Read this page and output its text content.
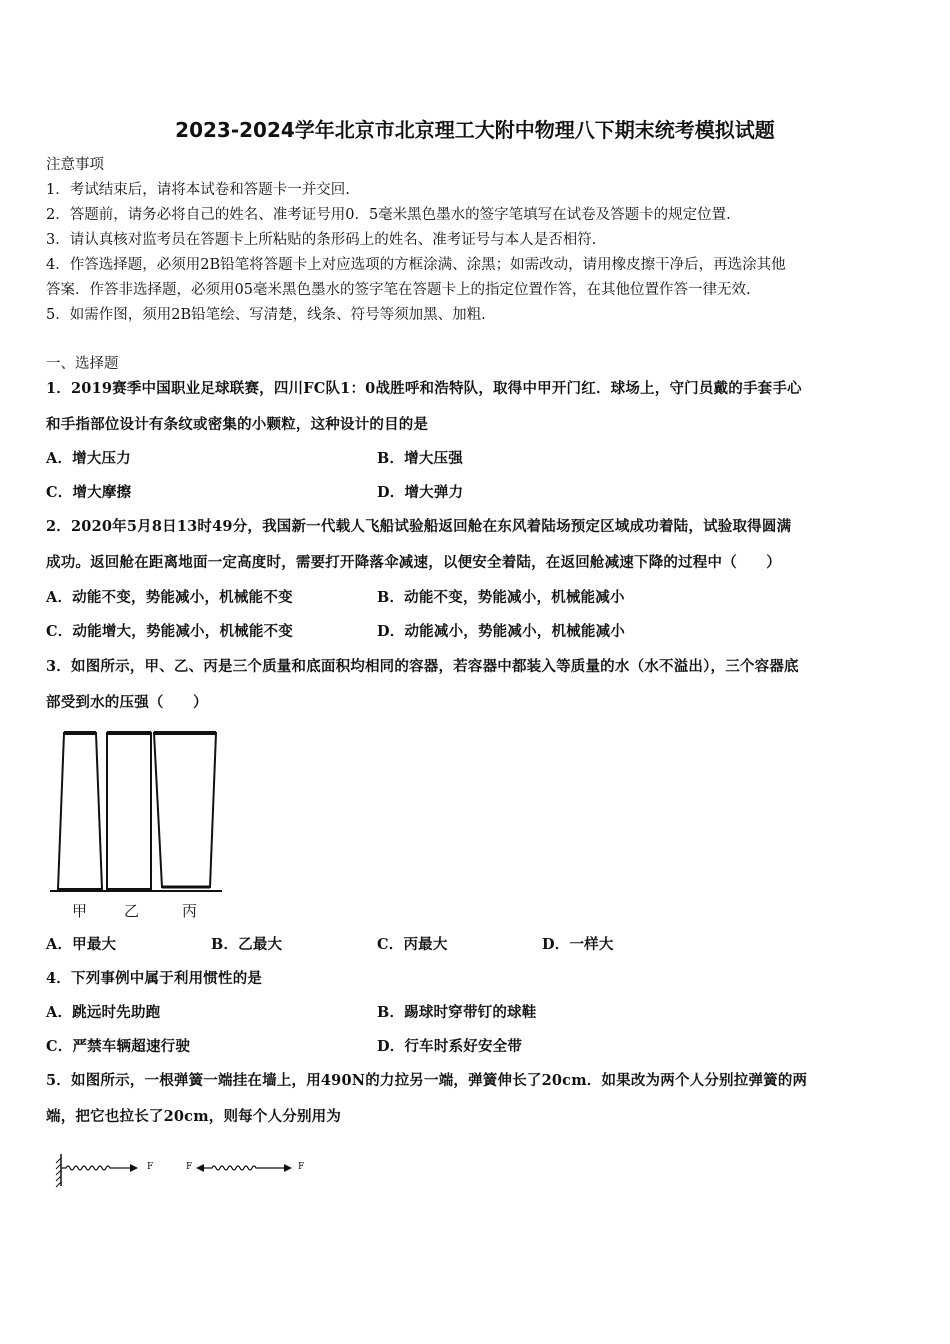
2023-2024学年北京市北京理工大附中物理八下期末统考模拟试题
注意事项
1．考试结束后，请将本试卷和答题卡一并交回.
2．答题前，请务必将自己的姓名、准考证号用0．5毫米黑色墨水的签字笔填写在试卷及答题卡的规定位置.
3．请认真核对监考员在答题卡上所粘贴的条形码上的姓名、准考证号与本人是否相符.
4．作答选择题，必须用2B铅笔将答题卡上对应选项的方框涂满、涂黑；如需改动，请用橡皮擦干净后，再选涂其他
答案．作答非选择题，必须用05毫米黑色墨水的签字笔在答题卡上的指定位置作答，在其他位置作答一律无效.
5．如需作图，须用2B铅笔绘、写清楚，线条、符号等须加黑、加粗.
一、选择题
1．2019赛季中国职业足球联赛，四川FC队1：0战胜呼和浩特队，取得中甲开门红．球场上，守门员戴的手套手心
和手指部位设计有条纹或密集的小颗粒，这种设计的目的是
A．增大压力	B．增大压强
C．增大摩擦	D．增大弹力
2．2020年5月8日13时49分，我国新一代载人飞船试验船返回舱在东风着陆场预定区域成功着陆，试验取得圆满
成功。返回舱在距离地面一定高度时，需要打开降落伞减速，以便安全着陆，在返回舱减速下降的过程中（　　）
A．动能不变，势能减小，机械能不变	B．动能不变，势能减小，机械能减小
C．动能增大，势能减小，机械能不变	D．动能减小，势能减小，机械能减小
3．如图所示，甲、乙、丙是三个质量和底面积均相同的容器，若容器中都装入等质量的水（水不溢出），三个容器底
部受到水的压强（　　）
甲 乙	丙
A．甲最大	B．乙最大	C．丙最大	D．一样大
4．下列事例中属于利用惯性的是
A．跳远时先助跑	B．踢球时穿带钉的球鞋
C．严禁车辆超速行驶	D．行车时系好安全带
5．如图所示，一根弹簧一端挂在墙上，用490N的力拉另一端，弹簧伸长了20cm．如果改为两个人分别拉弹簧的两
端，把它也拉长了20cm，则每个人分别用为
F	F	F
